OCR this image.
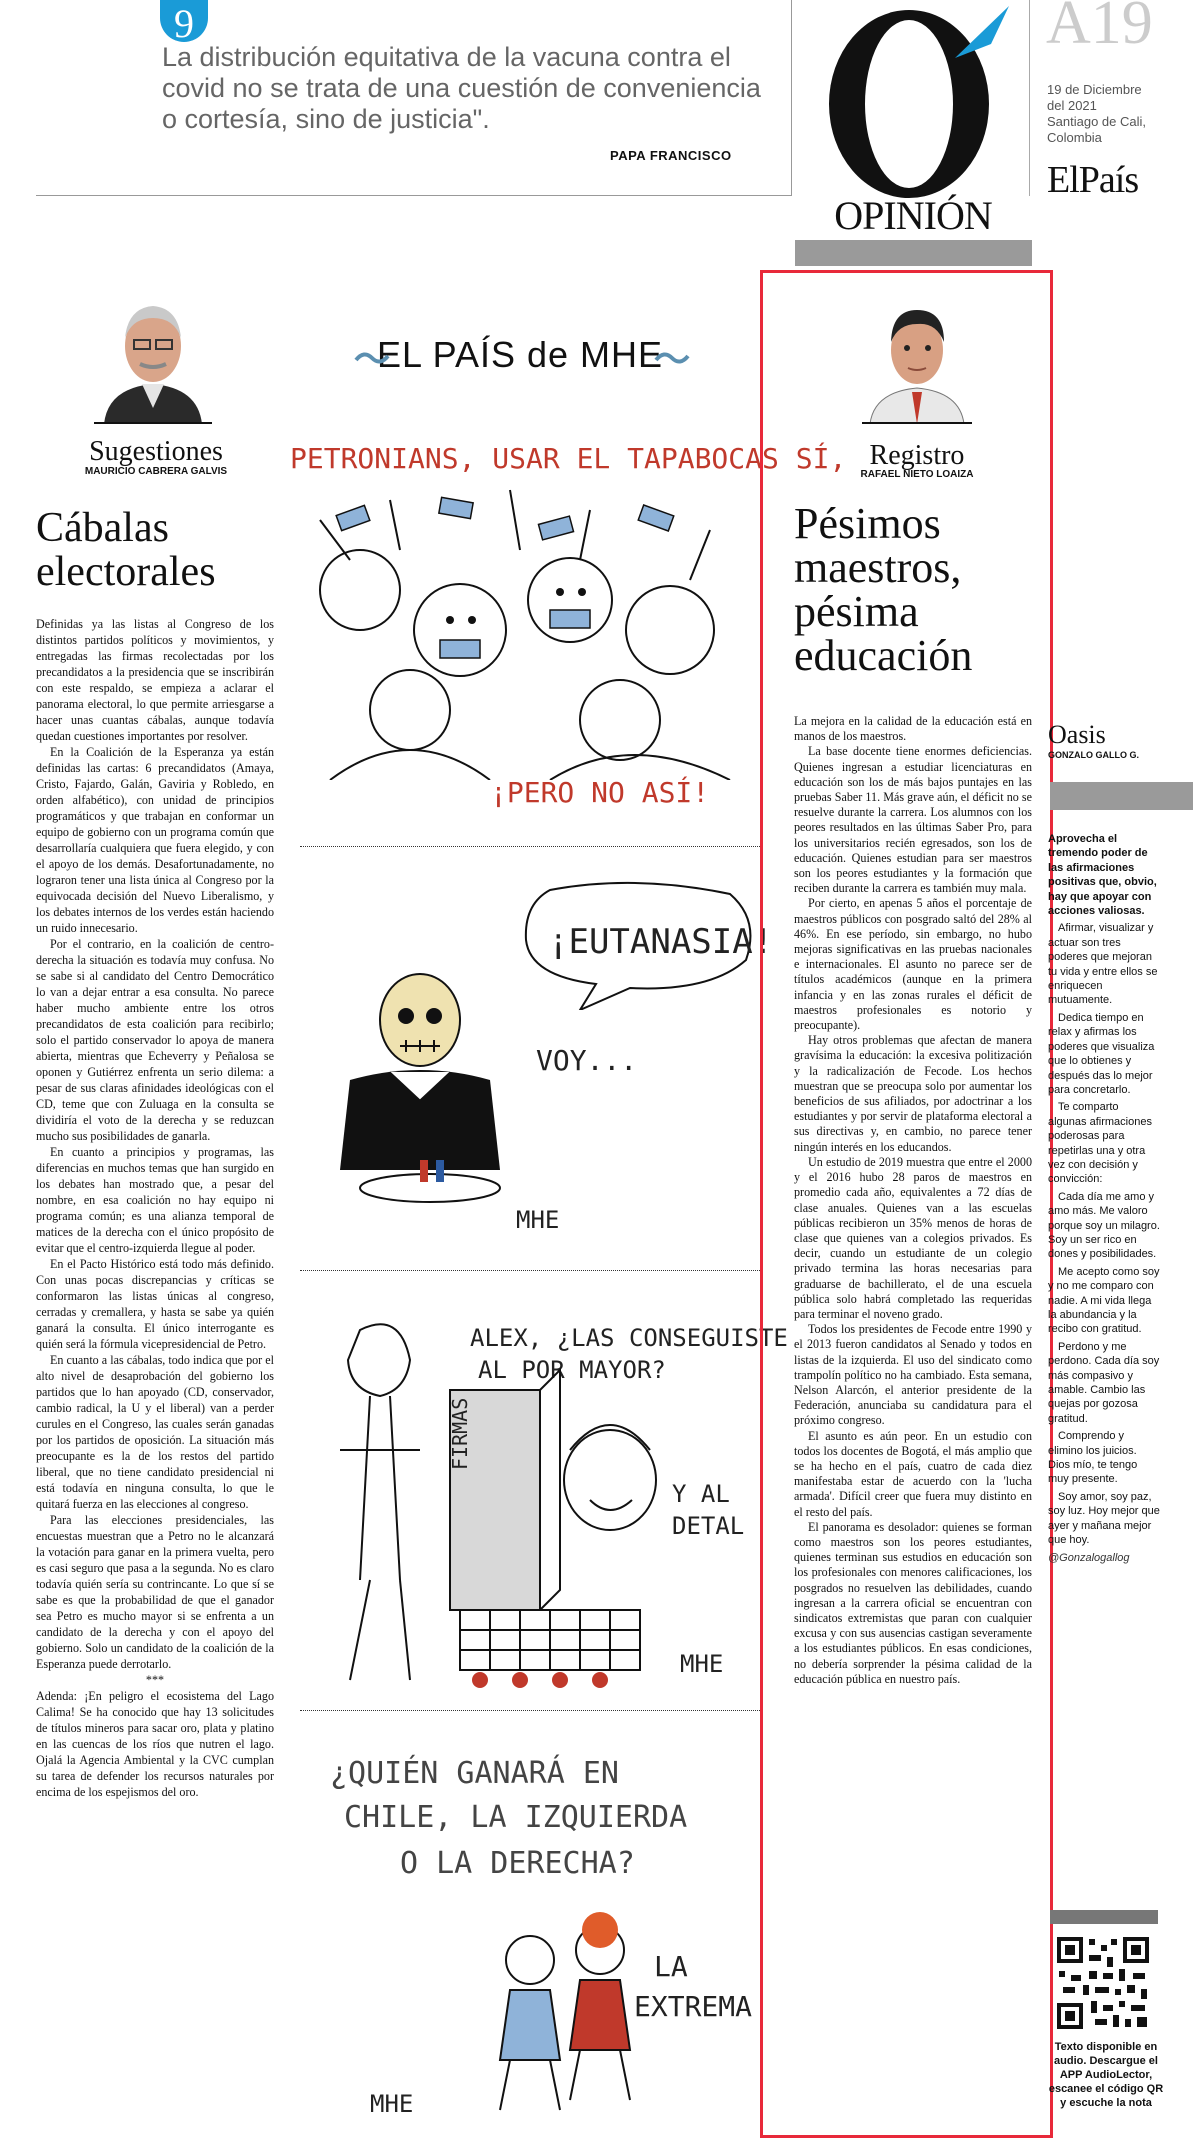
9
La distribución equitativa de la vacuna contra el covid no se trata de una cuestión de conveniencia o cortesía, sino de justicia".
PAPA FRANCISCO
OPINIÓN
A19
19 de Diciembre
del 2021
Santiago de Cali,
Colombia
ElPaís
Sugestiones
MAURICIO CABRERA GALVIS
Cábalas electorales

Definidas ya las listas al Congreso de los distintos partidos políticos y movimientos, y entregadas las firmas recolectadas por los precandidatos a la presidencia que se inscribirán con este respaldo, se empieza a aclarar el panorama electoral, lo que permite arriesgarse a hacer unas cuantas cábalas, aunque todavía quedan cuestiones importantes por resolver.

En la Coalición de la Esperanza ya están definidas las cartas: 6 precandidatos (Amaya, Cristo, Fajardo, Galán, Gaviria y Robledo, en orden alfabético), con unidad de principios programáticos y que trabajan en conformar un equipo de gobierno con un programa común que desarrollaría cualquiera que fuera elegido, y con el apoyo de los demás. Desafortunadamente, no lograron tener una lista única al Congreso por la equivocada decisión del Nuevo Liberalismo, y los debates internos de los verdes están haciendo un ruido innecesario.

Por el contrario, en la coalición de centro-derecha la situación es todavía muy confusa. No se sabe si al candidato del Centro Democrático lo van a dejar entrar a esa consulta. No parece haber mucho ambiente entre los otros precandidatos de esta coalición para recibirlo; solo el partido conservador lo apoya de manera abierta, mientras que Echeverry y Peñalosa se oponen y Gutiérrez enfrenta un serio dilema: a pesar de sus claras afinidades ideológicas con el CD, teme que con Zuluaga en la consulta se dividiría el voto de la derecha y se reduzcan mucho sus posibilidades de ganarla.

En cuanto a principios y programas, las diferencias en muchos temas que han surgido en los debates han mostrado que, a pesar del nombre, en esa coalición no hay equipo ni programa común; es una alianza temporal de matices de la derecha con el único propósito de evitar que el centro-izquierda llegue al poder.

En el Pacto Histórico está todo más definido. Con unas pocas discrepancias y críticas se conformaron las listas únicas al congreso, cerradas y cremallera, y hasta se sabe ya quién ganará la consulta. El único interrogante es quién será la fórmula vicepresidencial de Petro.

En cuanto a las cábalas, todo indica que por el alto nivel de desaprobación del gobierno los partidos que lo han apoyado (CD, conservador, cambio radical, la U y el liberal) van a perder curules en el Congreso, las cuales serán ganadas por los partidos de oposición. La situación más preocupante es la de los restos del partido liberal, que no tiene candidato presidencial ni está todavía en ninguna consulta, lo que le quitará fuerza en las elecciones al congreso.

Para las elecciones presidenciales, las encuestas muestran que a Petro no le alcanzará la votación para ganar en la primera vuelta, pero es casi seguro que pasa a la segunda. No es claro todavía quién sería su contrincante. Lo que sí se sabe es que la probabilidad de que el ganador sea Petro es mucho mayor si se enfrenta a un candidato de la derecha y con el apoyo del gobierno. Solo un candidato de la coalición de la Esperanza puede derrotarlo.

***

Adenda: ¡En peligro el ecosistema del Lago Calima! Se ha conocido que hay 13 solicitudes de títulos mineros para sacar oro, plata y platino en las cuencas de los ríos que nutren el lago. Ojalá la Agencia Ambiental y la CVC cumplan su tarea de defender los recursos naturales por encima de los espejismos del oro.

EL PAÍS de MHE
PETRONIANS, USAR EL TAPABOCAS SÍ,
¡PERO NO ASÍ!
¡EUTANASIA!
VOY...
MHE
ALEX, ¿LAS CONSEGUISTE
AL POR MAYOR?
FIRMAS
Y AL
DETAL
MHE
¿QUIÉN GANARÁ EN
CHILE, LA IZQUIERDA
O LA DERECHA?
LA
EXTREMA
MHE
Registro
RAFAEL NIETO LOAIZA
Pésimos maestros, pésima educación

La mejora en la calidad de la educación está en manos de los maestros.

La base docente tiene enormes deficiencias. Quienes ingresan a estudiar licenciaturas en educación son los de más bajos puntajes en las pruebas Saber 11. Más grave aún, el déficit no se resuelve durante la carrera. Los alumnos con los peores resultados en las últimas Saber Pro, para los universitarios recién egresados, son los de educación. Quienes estudian para ser maestros son los peores estudiantes y la formación que reciben durante la carrera es también muy mala.

Por cierto, en apenas 5 años el porcentaje de maestros públicos con posgrado saltó del 28% al 46%. En ese período, sin embargo, no hubo mejoras significativas en las pruebas nacionales e internacionales. El asunto no parece ser de títulos académicos (aunque en la primera infancia y en las zonas rurales el déficit de maestros profesionales es notorio y preocupante).

Hay otros problemas que afectan de manera gravísima la educación: la excesiva politización y la radicalización de Fecode. Los hechos muestran que se preocupa solo por aumentar los beneficios de sus afiliados, por adoctrinar a los estudiantes y por servir de plataforma electoral a sus directivas y, en cambio, no parece tener ningún interés en los educandos.

Un estudio de 2019 muestra que entre el 2000 y el 2016 hubo 28 paros de maestros en promedio cada año, equivalentes a 72 días de clase anuales. Quienes van a las escuelas públicas recibieron un 35% menos de horas de clase que quienes van a colegios privados. Es decir, cuando un estudiante de un colegio privado termina las horas necesarias para graduarse de bachillerato, el de una escuela pública solo habrá completado las requeridas para terminar el noveno grado.

Todos los presidentes de Fecode entre 1990 y el 2013 fueron candidatos al Senado y todos en listas de la izquierda. El uso del sindicato como trampolín político no ha cambiado. Esta semana, Nelson Alarcón, el anterior presidente de la Federación, anunciaba su candidatura para el próximo congreso.

El asunto es aún peor. En un estudio con todos los docentes de Bogotá, el más amplio que se ha hecho en el país, cuatro de cada diez manifestaba estar de acuerdo con la 'lucha armada'. Difícil creer que fuera muy distinto en el resto del país.

El panorama es desolador: quienes se forman como maestros son los peores estudiantes, quienes terminan sus estudios en educación son los profesionales con menores calificaciones, los posgrados no resuelven las debilidades, cuando ingresan a la carrera oficial se encuentran con sindicatos extremistas que paran con cualquier excusa y con sus ausencias castigan severamente a los estudiantes públicos. En esas condiciones, no debería sorprender la pésima calidad de la educación pública en nuestro país.

Oasis
GONZALO GALLO G.

Aprovecha el tremendo poder de las afirmaciones positivas que, obvio, hay que apoyar con acciones valiosas.

Afirmar, visualizar y actuar son tres poderes que mejoran tu vida y entre ellos se enriquecen mutuamente.

Dedica tiempo en relax y afirmas los poderes que visualiza que lo obtienes y después das lo mejor para concretarlo.

Te comparto algunas afirmaciones poderosas para repetirlas una y otra vez con decisión y convicción:

Cada día me amo y amo más. Me valoro porque soy un milagro. Soy un ser rico en dones y posibilidades.

Me acepto como soy y no me comparo con nadie. A mi vida llega la abundancia y la recibo con gratitud.

Perdono y me perdono. Cada día soy más compasivo y amable. Cambio las quejas por gozosa gratitud.

Comprendo y elimino los juicios. Dios mío, te tengo muy presente.

Soy amor, soy paz, soy luz. Hoy mejor que ayer y mañana mejor que hoy.

@Gonzalogallog

Texto disponible en audio. Descargue el APP AudioLector, escanee el código QR y escuche la nota
